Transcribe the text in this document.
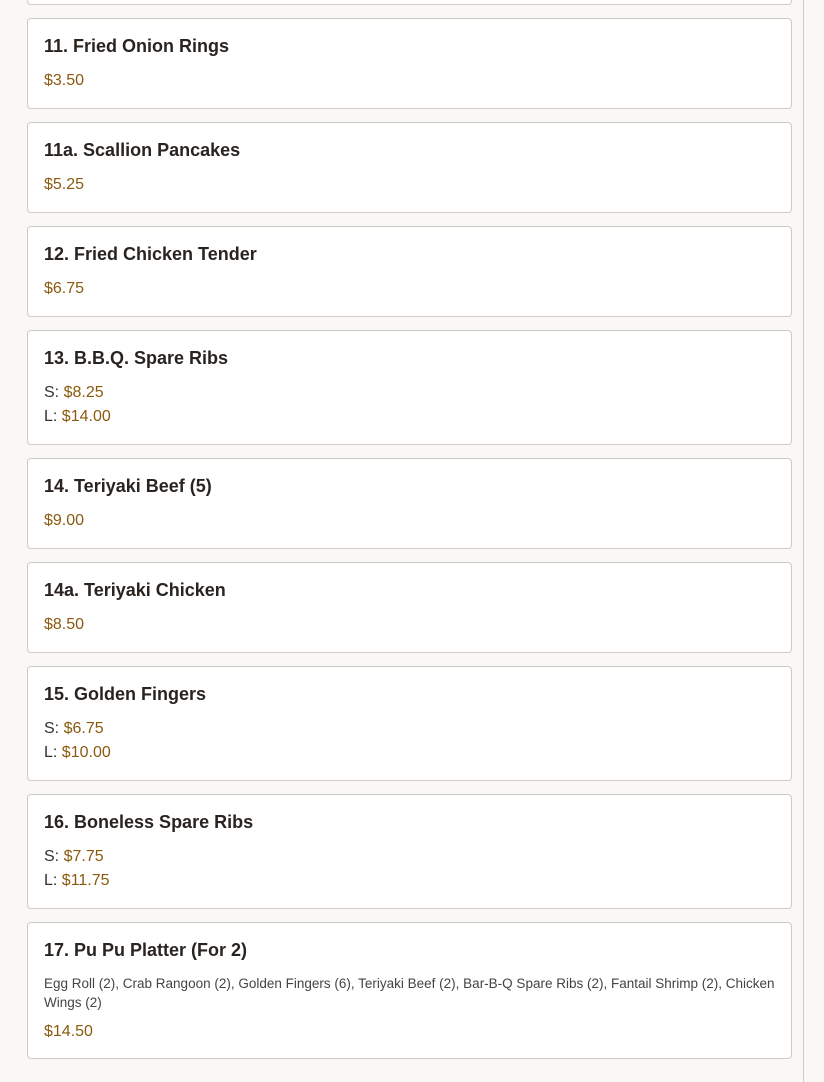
11. Fried Onion Rings
$3.50
11a. Scallion Pancakes
$5.25
12. Fried Chicken Tender
$6.75
13. B.B.Q. Spare Ribs
S: $8.25
L: $14.00
14. Teriyaki Beef (5)
$9.00
14a. Teriyaki Chicken
$8.50
15. Golden Fingers
S: $6.75
L: $10.00
16. Boneless Spare Ribs
S: $7.75
L: $11.75
17. Pu Pu Platter (For 2)
Egg Roll (2), Crab Rangoon (2), Golden Fingers (6), Teriyaki Beef (2), Bar-B-Q Spare Ribs (2), Fantail Shrimp (2), Chicken Wings (2)
$14.50
